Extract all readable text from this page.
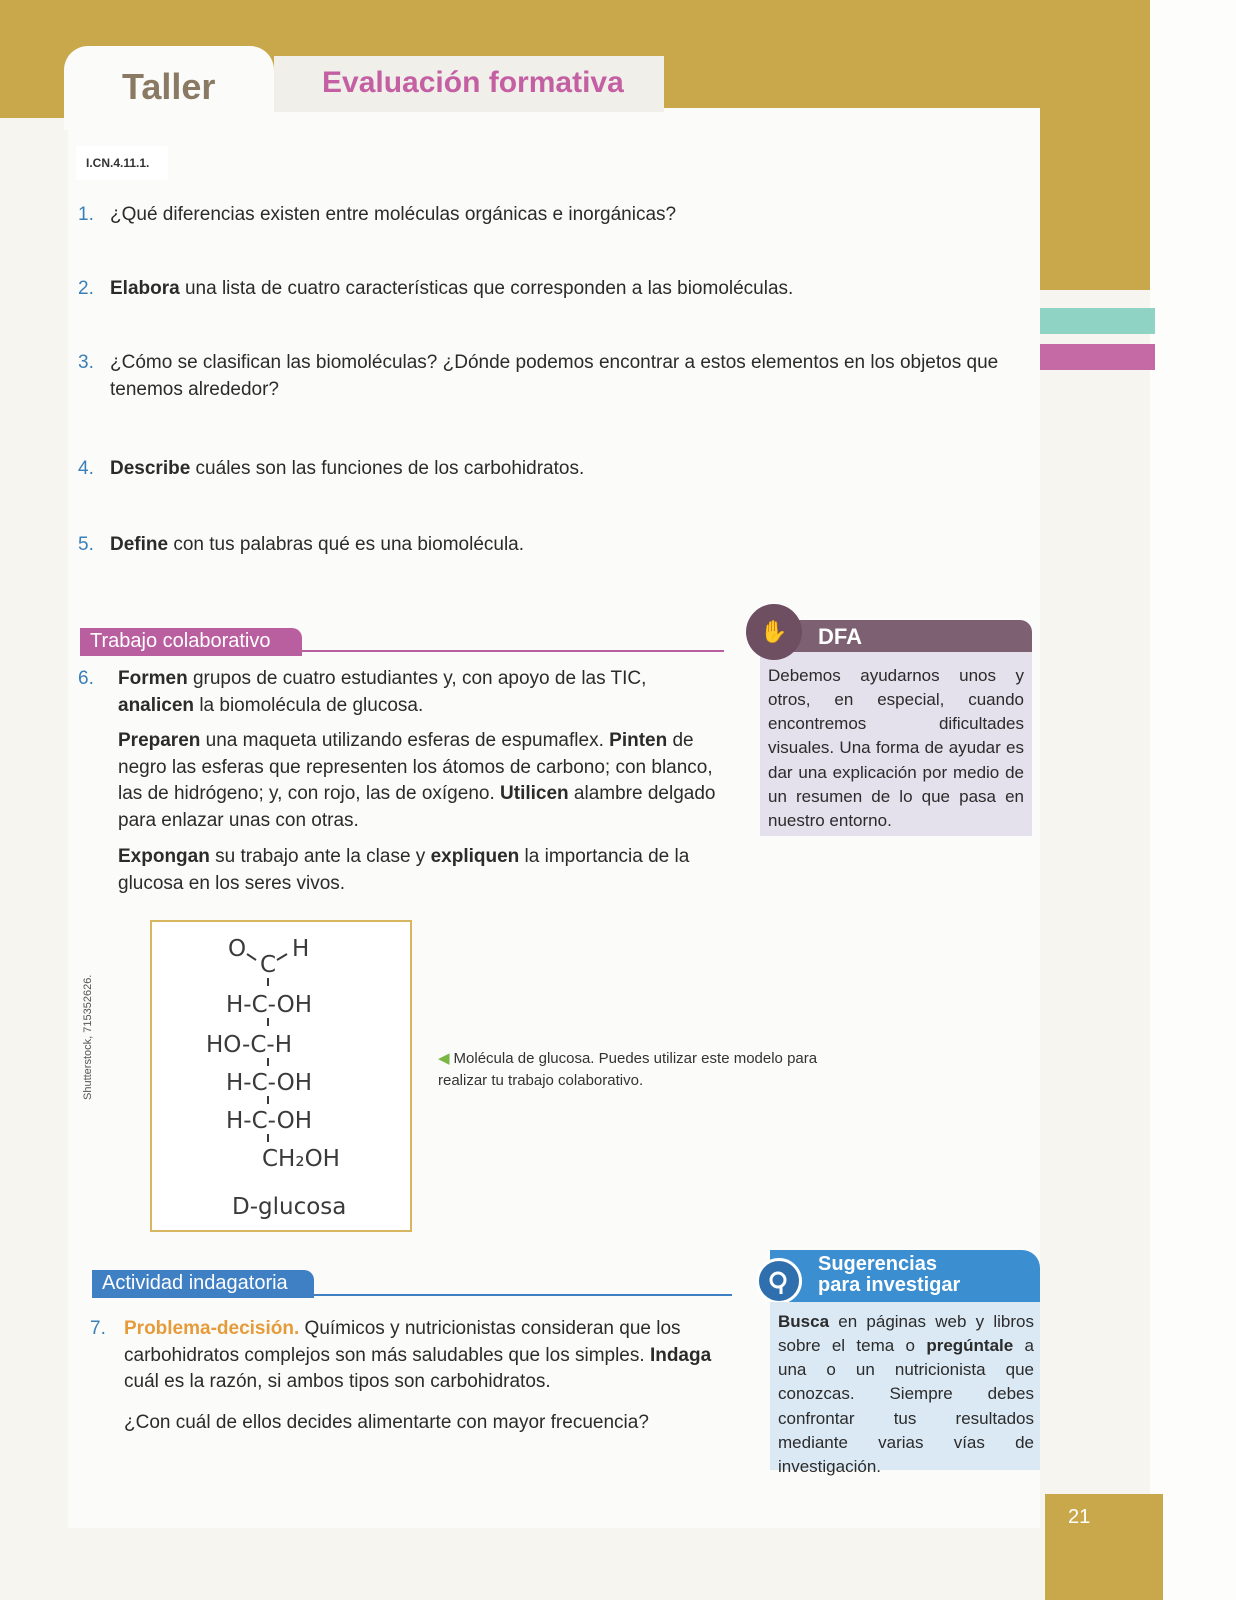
Taller	Evaluación formativa
I.CN.4.11.1.
1. ¿Qué diferencias existen entre moléculas orgánicas e inorgánicas?
2. Elabora una lista de cuatro características que corresponden a las biomoléculas.
3. ¿Cómo se clasifican las biomoléculas? ¿Dónde podemos encontrar a estos elementos en los objetos que
tenemos alrededor?
4. Describe cuáles son las funciones de los carbohidratos.
5. Define con tus palabras qué es una biomolécula.
Trabajo colaborativo
6.	Formen grupos de cuatro estudiantes y, con apoyo de las TIC,
analicen la biomolécula de glucosa.
Preparen una maqueta utilizando esferas de espumaflex. Pinten de negro las esferas que representen los átomos de carbono; con blanco, las de hidrógeno; y, con rojo, las de oxígeno. Utilicen alambre delgado para enlazar unas con otras.
Expongan su trabajo ante la clase y expliquen la importancia de la glucosa en los seres vivos.
O
C
H
H-C-OH
HO-C-H
H-C-OH
H-C-OH
CH₂OH
D-glucosa
Shutterstock, 715352626.	◀ Molécula de glucosa. Puedes utilizar este modelo para realizar tu trabajo colaborativo.
✋	DFA
Debemos ayudarnos unos y otros, en especial, cuando encontremos dificultades visuales. Una forma de ayudar es dar una explicación por medio de un resumen de lo que pasa en nuestro entorno.
Actividad indagatoria
7. Problema-decisión. Químicos y nutricionistas consideran que los carbohidratos complejos son más saludables que los simples. Indaga cuál es la razón, si ambos tipos son carbohidratos.
¿Con cuál de ellos decides alimentarte con mayor frecuencia?
Sugerencias
para investigar
Busca en páginas web y libros sobre el tema o pregúntale a una o un nutricionista que conozcas. Siempre debes confrontar tus resultados mediante varias vías de investigación.
21
